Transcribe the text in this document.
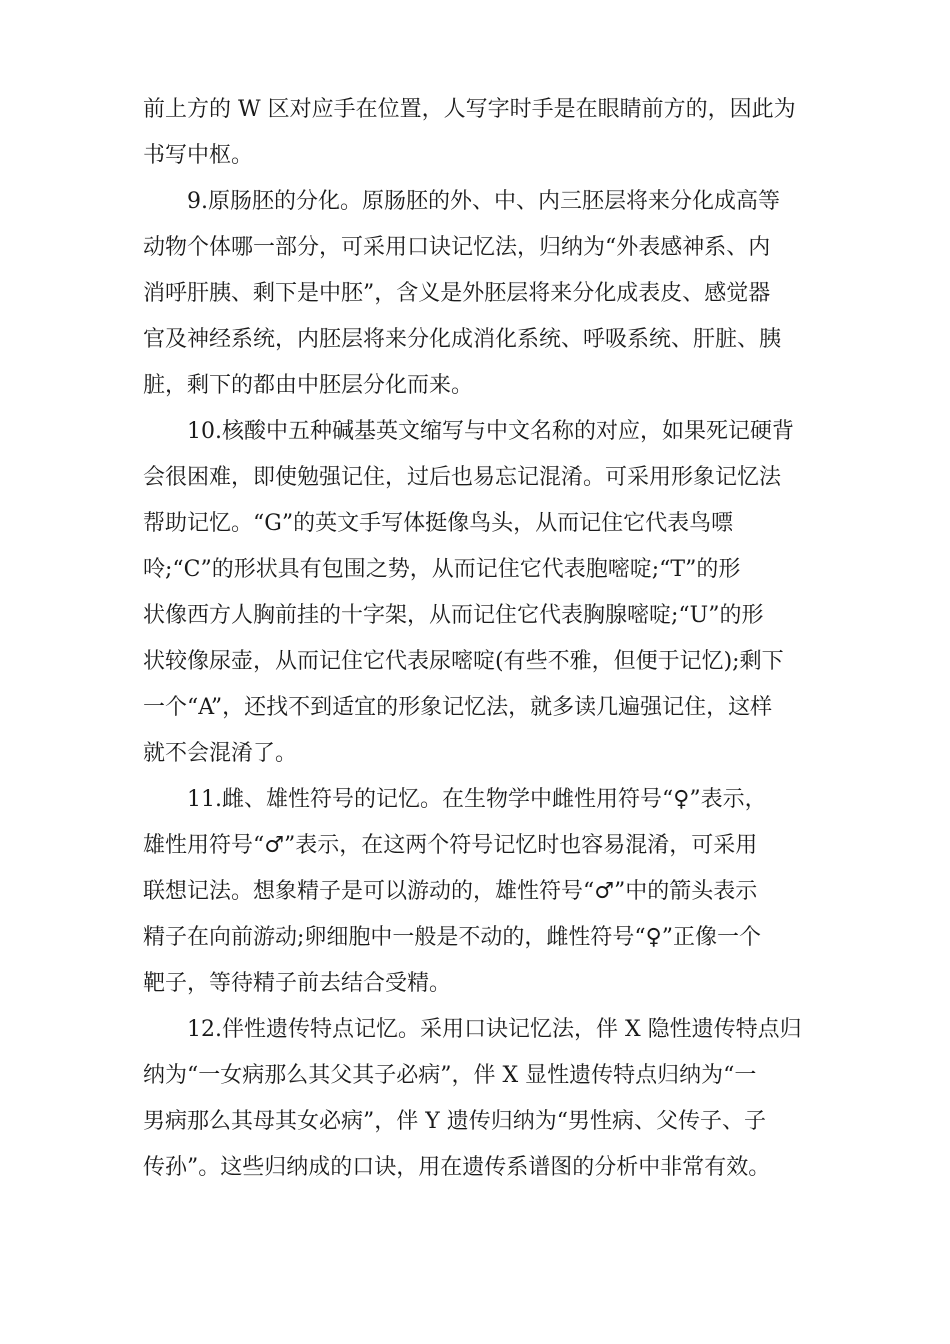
前上方的 W 区对应手在位置，人写字时手是在眼睛前方的，因此为
书写中枢。
9.原肠胚的分化。原肠胚的外、中、内三胚层将来分化成高等
动物个体哪一部分，可采用口诀记忆法，归纳为“外表感神系、内
消呼肝胰、剩下是中胚”，含义是外胚层将来分化成表皮、感觉器
官及神经系统，内胚层将来分化成消化系统、呼吸系统、肝脏、胰
脏，剩下的都由中胚层分化而来。
10.核酸中五种碱基英文缩写与中文名称的对应，如果死记硬背
会很困难，即使勉强记住，过后也易忘记混淆。可采用形象记忆法
帮助记忆。“G”的英文手写体挺像鸟头，从而记住它代表鸟嘌
呤;“C”的形状具有包围之势，从而记住它代表胞嘧啶;“T”的形
状像西方人胸前挂的十字架，从而记住它代表胸腺嘧啶;“U”的形
状较像尿壶，从而记住它代表尿嘧啶(有些不雅，但便于记忆);剩下
一个“A”，还找不到适宜的形象记忆法，就多读几遍强记住，这样
就不会混淆了。
11.雌、雄性符号的记忆。在生物学中雌性用符号“♀”表示，
雄性用符号“♂”表示，在这两个符号记忆时也容易混淆，可采用
联想记法。想象精子是可以游动的，雄性符号“♂”中的箭头表示
精子在向前游动;卵细胞中一般是不动的，雌性符号“♀”正像一个
靶子，等待精子前去结合受精。
12.伴性遗传特点记忆。采用口诀记忆法，伴 X 隐性遗传特点归
纳为“一女病那么其父其子必病”，伴 X 显性遗传特点归纳为“一
男病那么其母其女必病”，伴 Y 遗传归纳为“男性病、父传子、子
传孙”。这些归纳成的口诀，用在遗传系谱图的分析中非常有效。
